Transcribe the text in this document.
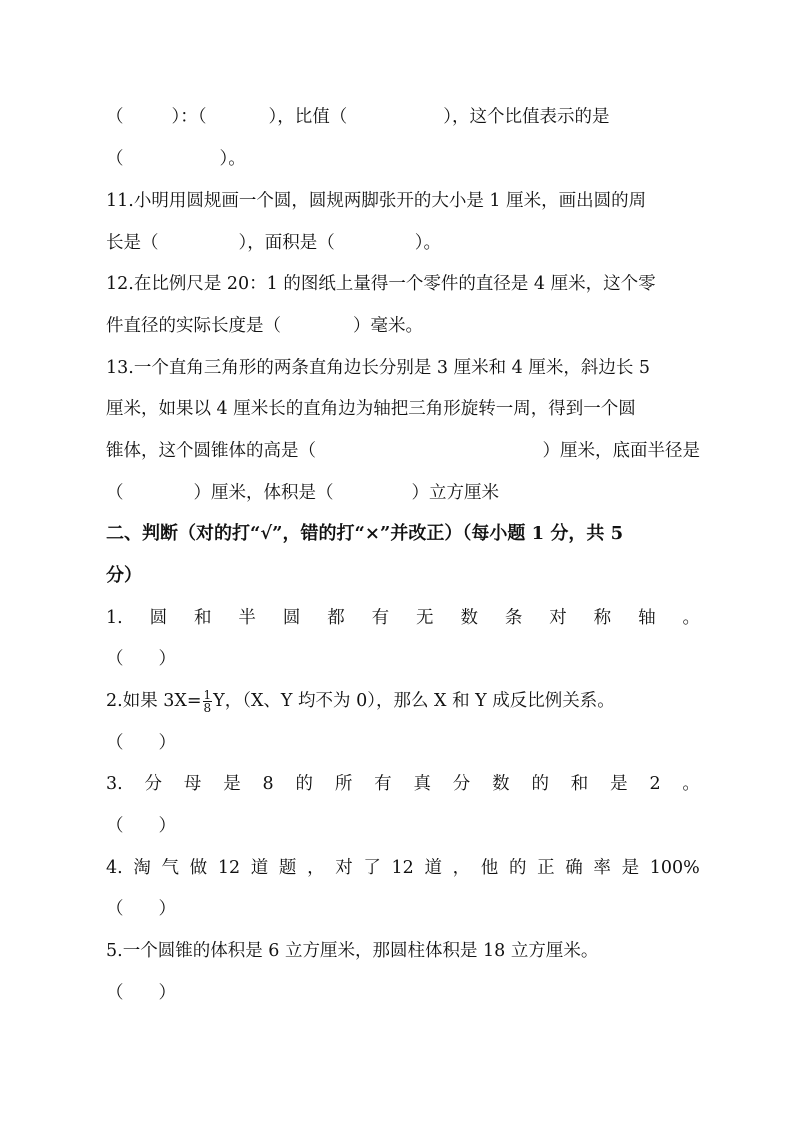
（	）：（	），比值（	），这个比值表示的是
（	）。
11.小明用圆规画一个圆，圆规两脚张开的大小是 1 厘米，画出圆的周
长是（	），面积是（	）。
12.在比例尺是 20：1 的图纸上量得一个零件的直径是 4 厘米，这个零
件直径的实际长度是（	）毫米。
13.一个直角三角形的两条直角边长分别是 3 厘米和 4 厘米，斜边长 5
厘米，如果以 4 厘米长的直角边为轴把三角形旋转一周，得到一个圆
锥体，这个圆锥体的高是（	）厘米，底面半径是
（	）厘米，体积是（	）立方厘米
二、判断（对的打“√”，错的打“×”并改正）（每小题 1 分，共 5
分）
1. 圆 和 半 圆 都 有 无 数 条 对 称 轴 。
（　　）
2.如果 $3X= \frac{1}{8}$ Y，（X、Y 均不为 0），那么 X 和 Y 成反比例关系。
（　　）
3. 分 母 是 8 的 所 有 真 分 数 的 和 是 2 。
（　　）
4. 淘 气 做 12 道 题 ， 对 了 12 道 ， 他 的 正 确 率 是 100%
（　　）
5.一个圆锥的体积是 6 立方厘米，那圆柱体积是 18 立方厘米。
（　　）
